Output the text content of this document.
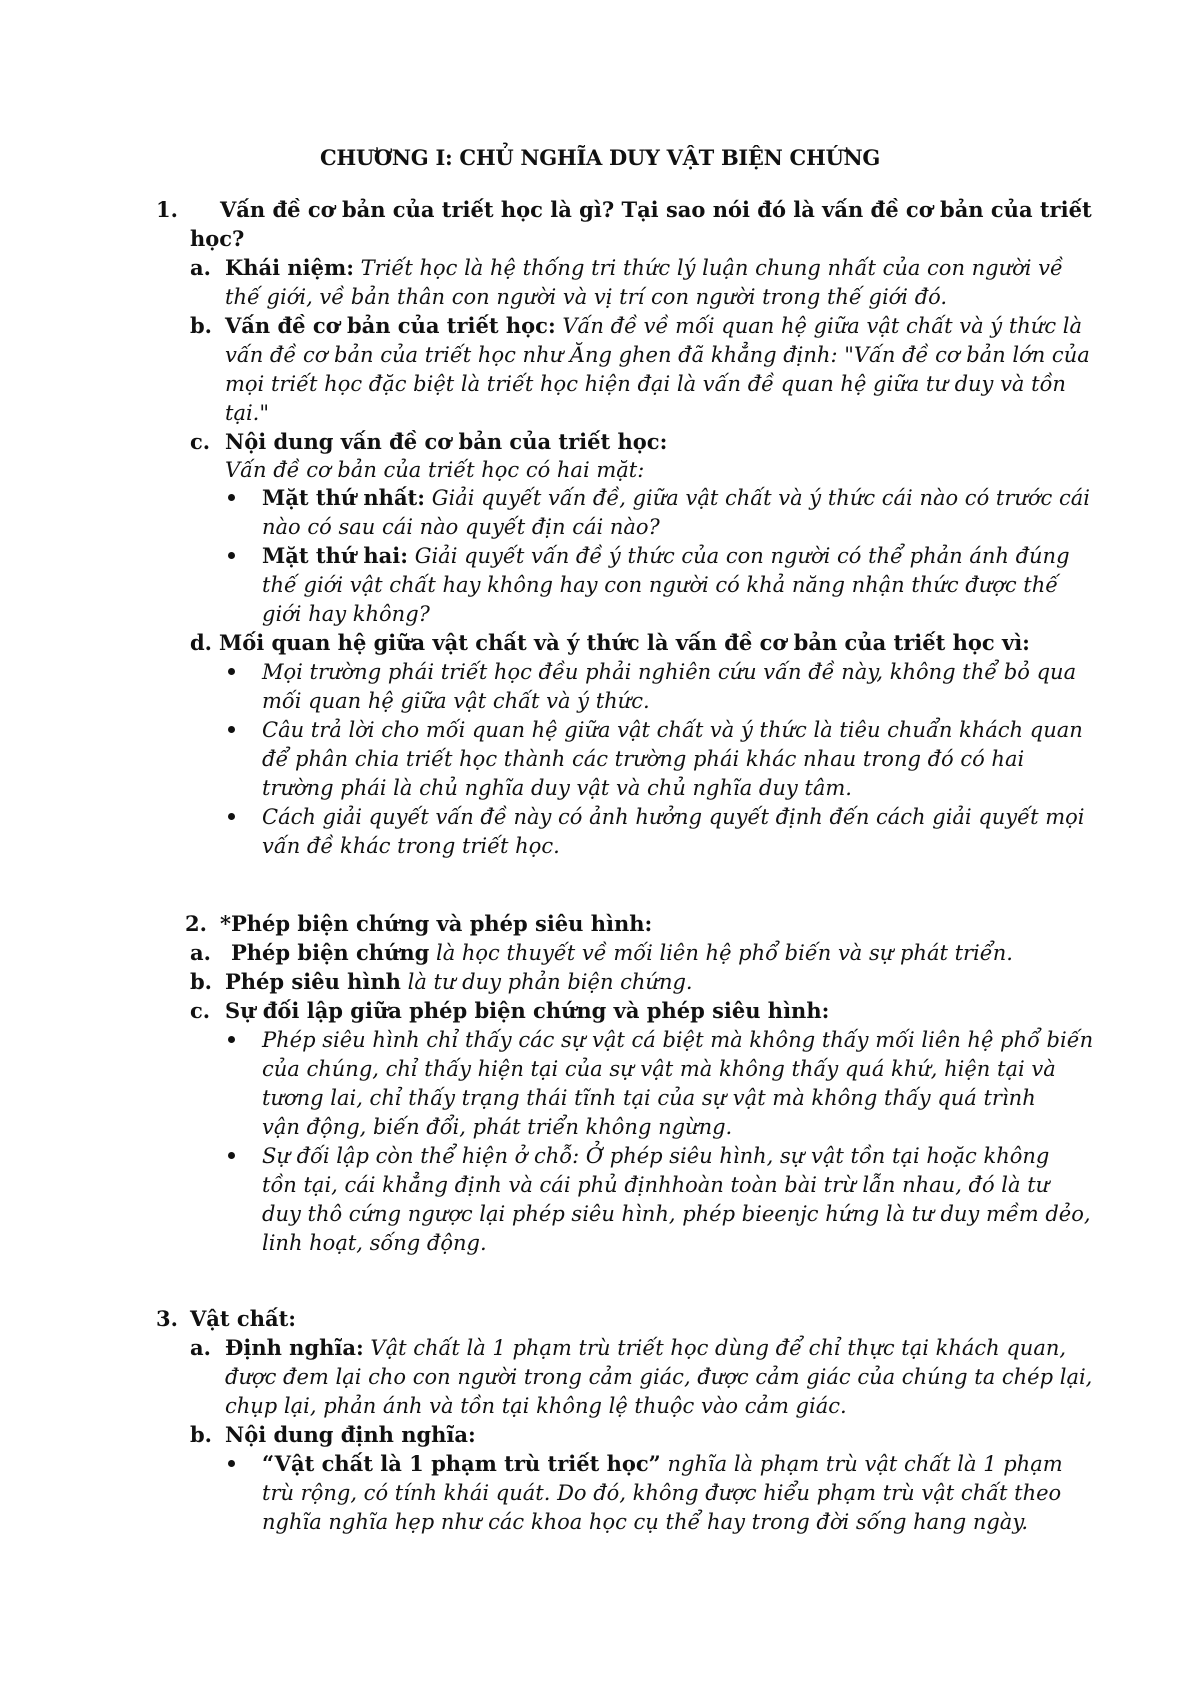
CHƯƠNG I: CHỦ NGHĨA DUY VẬT BIỆN CHỨNG
1. Vấn đề cơ bản của triết học là gì? Tại sao nói đó là vấn đề cơ bản của triết
học?
a. Khái niệm: Triết học là hệ thống tri thức lý luận chung nhất của con người về
thế giới, về bản thân con người và vị trí con người trong thế giới đó.
b. Vấn đề cơ bản của triết học: Vấn đề về mối quan hệ giữa vật chất và ý thức là
vấn đề cơ bản của triết học như Ăng ghen đã khẳng định: "Vấn đề cơ bản lớn của
mọi triết học đặc biệt là triết học hiện đại là vấn đề quan hệ giữa tư duy và tồn
tại."
c. Nội dung vấn đề cơ bản của triết học:
Vấn đề cơ bản của triết học có hai mặt:
Mặt thứ nhất: Giải quyết vấn đề, giữa vật chất và ý thức cái nào có trước cái
nào có sau cái nào quyết địn cái nào?
Mặt thứ hai: Giải quyết vấn đề ý thức của con người có thể phản ánh đúng
thế giới vật chất hay không hay con người có khả năng nhận thức được thế
giới hay không?
d. Mối quan hệ giữa vật chất và ý thức là vấn đề cơ bản của triết học vì:
Mọi trường phái triết học đều phải nghiên cứu vấn đề này, không thể bỏ qua
mối quan hệ giữa vật chất và ý thức.
Câu trả lời cho mối quan hệ giữa vật chất và ý thức là tiêu chuẩn khách quan
để phân chia triết học thành các trường phái khác nhau trong đó có hai
trường phái là chủ nghĩa duy vật và chủ nghĩa duy tâm.
Cách giải quyết vấn đề này có ảnh hưởng quyết định đến cách giải quyết mọi
vấn đề khác trong triết học.
2. *Phép biện chứng và phép siêu hình:
a. Phép biện chứng là học thuyết về mối liên hệ phổ biến và sự phát triển.
b. Phép siêu hình là tư duy phản biện chứng.
c. Sự đối lập giữa phép biện chứng và phép siêu hình:
Phép siêu hình chỉ thấy các sự vật cá biệt mà không thấy mối liên hệ phổ biến
của chúng, chỉ thấy hiện tại của sự vật mà không thấy quá khứ, hiện tại và
tương lai, chỉ thấy trạng thái tĩnh tại của sự vật mà không thấy quá trình
vận động, biến đổi, phát triển không ngừng.
Sự đối lập còn thể hiện ở chỗ: Ở phép siêu hình, sự vật tồn tại hoặc không
tồn tại, cái khẳng định và cái phủ địnhhoàn toàn bài trừ lẫn nhau, đó là tư
duy thô cứng ngược lại phép siêu hình, phép bieenjc hứng là tư duy mềm dẻo,
linh hoạt, sống động.
3. Vật chất:
a. Định nghĩa: Vật chất là 1 phạm trù triết học dùng để chỉ thực tại khách quan,
được đem lại cho con người trong cảm giác, được cảm giác của chúng ta chép lại,
chụp lại, phản ánh và tồn tại không lệ thuộc vào cảm giác.
b. Nội dung định nghĩa:
“Vật chất là 1 phạm trù triết học” nghĩa là phạm trù vật chất là 1 phạm
trù rộng, có tính khái quát. Do đó, không được hiểu phạm trù vật chất theo
nghĩa nghĩa hẹp như các khoa học cụ thể hay trong đời sống hang ngày.
